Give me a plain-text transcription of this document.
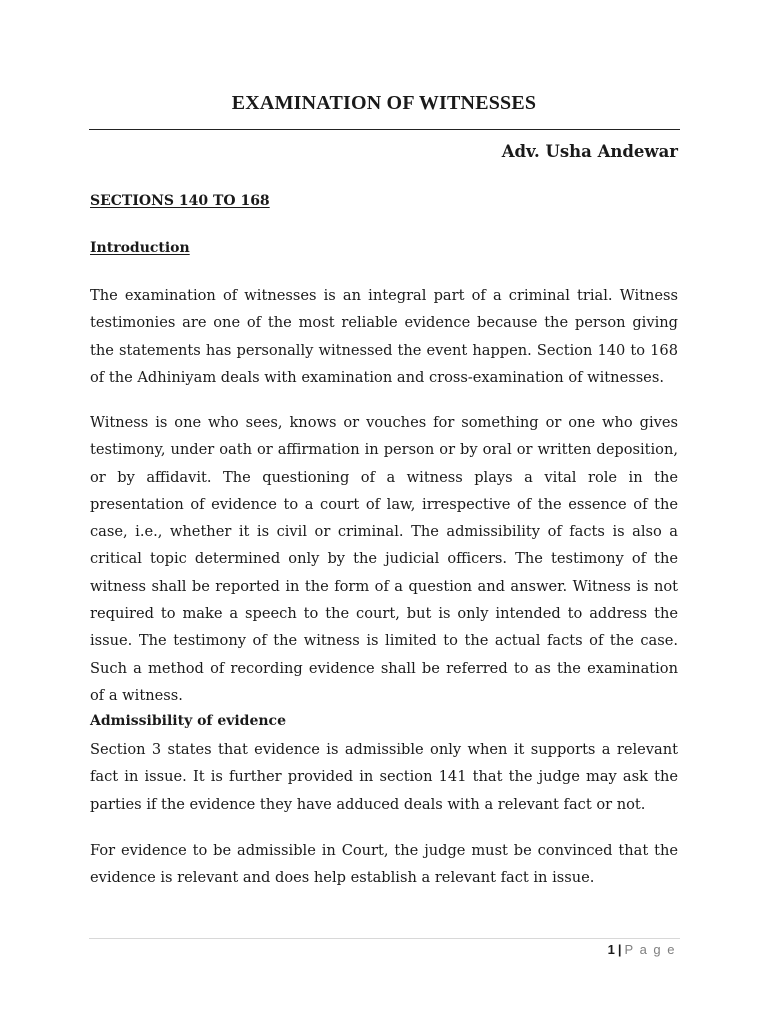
EXAMINATION OF WITNESSES
Adv. Usha Andewar
SECTIONS 140 TO 168
Introduction

The examination of witnesses is an integral part of a criminal trial. Witness testimonies are one of the most reliable evidence because the person giving the statements has personally witnessed the event happen. Section 140 to 168 of the Adhiniyam deals with examination and cross-examination of witnesses.

Witness is one who sees, knows or vouches for something or one who gives testimony, under oath or affirmation in person or by oral or written deposition, or by affidavit. The questioning of a witness plays a vital role in the presentation of evidence to a court of law, irrespective of the essence of the case, i.e., whether it is civil or criminal. The admissibility of facts is also a critical topic determined only by the judicial officers. The testimony of the witness shall be reported in the form of a question and answer. Witness is not required to make a speech to the court, but is only intended to address the issue. The testimony of the witness is limited to the actual facts of the case. Such a method of recording evidence shall be referred to as the examination of a witness.

Admissibility of evidence

Section 3 states that evidence is admissible only when it supports a relevant fact in issue. It is further provided in section 141 that the judge may ask the parties if the evidence they have adduced deals with a relevant fact or not.

For evidence to be admissible in Court, the judge must be convinced that the evidence is relevant and does help establish a relevant fact in issue.

1 | P a g e
